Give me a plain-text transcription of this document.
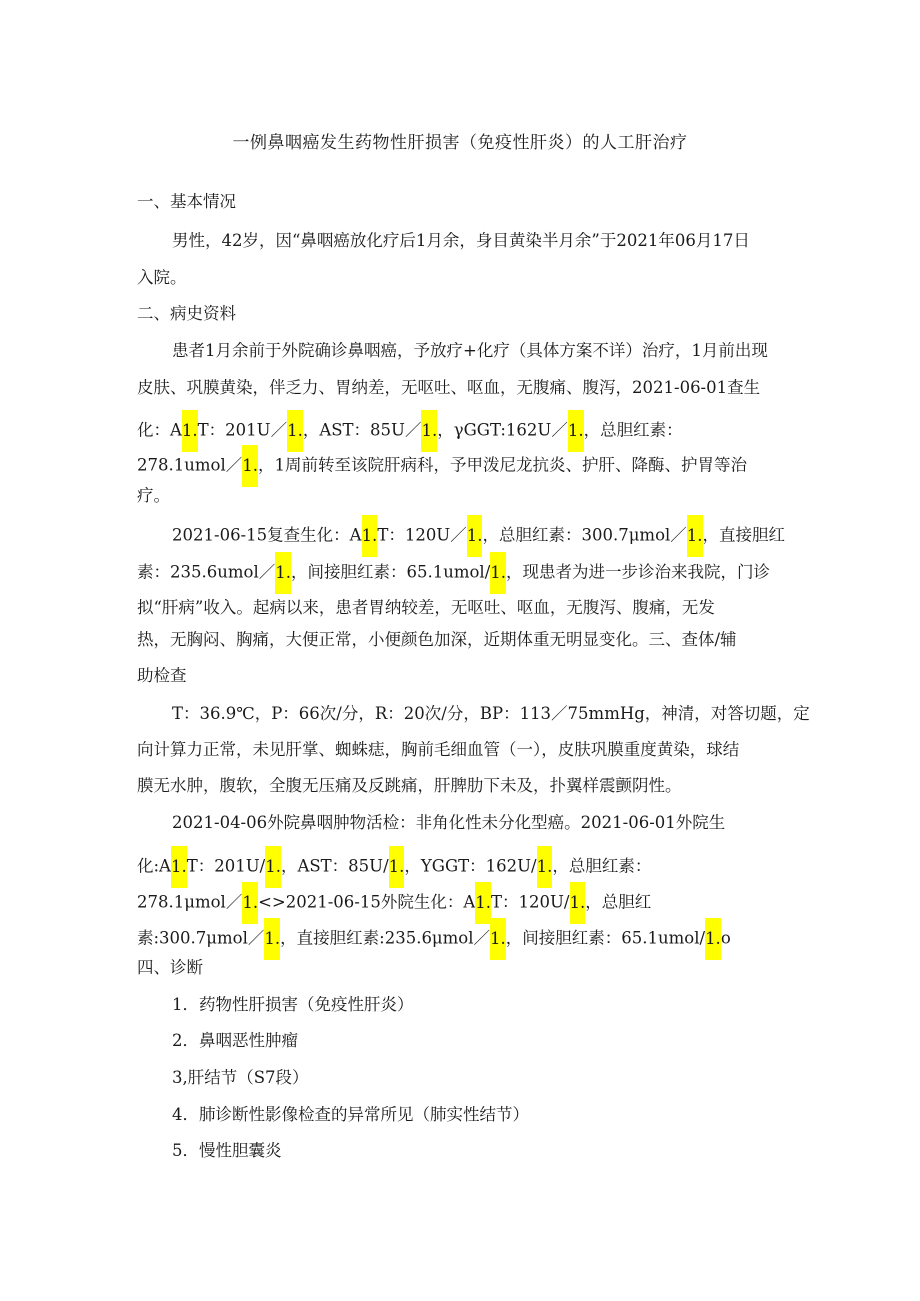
一例鼻咽癌发生药物性肝损害（免疫性肝炎）的人工肝治疗
一、基本情况
男性，42岁，因“鼻咽癌放化疗后1月余，身目黄染半月余”于2021年06月17日
入院。
二、病史资料
患者1月余前于外院确诊鼻咽癌，予放疗+化疗（具体方案不详）治疗，1月前出现
皮肤、巩膜黄染，伴乏力、胃纳差，无呕吐、呕血，无腹痛、腹泻，2021-06-01查生
化：A1.T：201U／1.，AST：85U／1.，γGGT:162U／1.，总胆红素：
278.1umol／1.，1周前转至该院肝病科，予甲泼尼龙抗炎、护肝、降酶、护胃等治
疗。
2021-06-15复查生化：A1.T：120U／1.，总胆红素：300.7μmol／1.，直接胆红
素：235.6umol／1.，间接胆红素：65.1umol/1.，现患者为进一步诊治来我院，门诊
拟“肝病”收入。起病以来，患者胃纳较差，无呕吐、呕血，无腹泻、腹痛，无发
热，无胸闷、胸痛，大便正常，小便颜色加深，近期体重无明显变化。三、查体/辅
助检查
T：36.9℃，P：66次/分，R：20次/分，BP：113／75mmHg，神清，对答切题，定
向计算力正常，未见肝掌、蜘蛛痣，胸前毛细血管（一），皮肤巩膜重度黄染，球结
膜无水肿，腹软，全腹无压痛及反跳痛，肝脾肋下未及，扑翼样震颤阴性。
2021-04-06外院鼻咽肿物活检：非角化性未分化型癌。2021-06-01外院生
化:A1.T：201U/1.，AST：85U/1.，YGGT：162U/1.，总胆红素：
278.1μmol／1.<>2021-06-15外院生化：A1.T：120U/1.，总胆红
素:300.7μmol／1.，直接胆红素:235.6μmol／1.，间接胆红素：65.1umol/1.o
四、诊断
1．药物性肝损害（免疫性肝炎）
2．鼻咽恶性肿瘤
3,肝结节（S7段）
4．肺诊断性影像检查的异常所见（肺实性结节）
5．慢性胆囊炎
